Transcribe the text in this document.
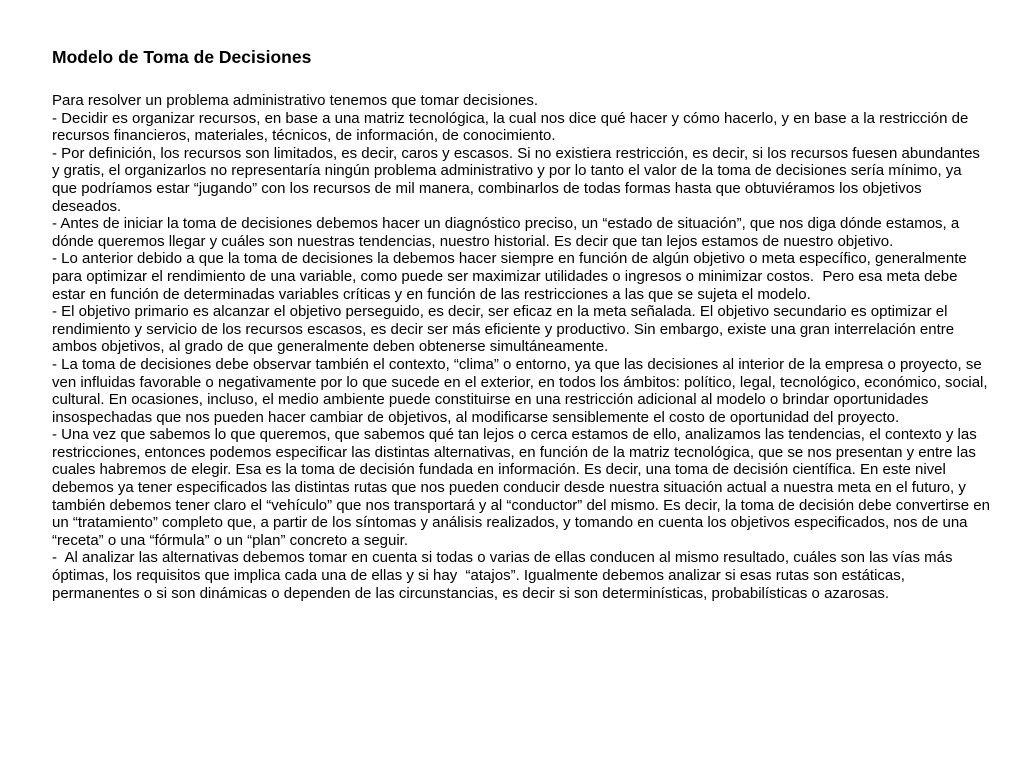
Modelo de Toma de Decisiones

Para resolver un problema administrativo tenemos que tomar decisiones.

- Decidir es organizar recursos, en base a una matriz tecnológica, la cual nos dice qué hacer y cómo hacerlo, y en base a la restricción de recursos financieros, materiales, técnicos, de información, de conocimiento.

- Por definición, los recursos son limitados, es decir, caros y escasos. Si no existiera restricción, es decir, si los recursos fuesen abundantes y gratis, el organizarlos no representaría ningún problema administrativo y por lo tanto el valor de la toma de decisiones sería mínimo, ya que podríamos estar “jugando” con los recursos de mil manera, combinarlos de todas formas hasta que obtuviéramos los objetivos deseados.

- Antes de iniciar la toma de decisiones debemos hacer un diagnóstico preciso, un “estado de situación”, que nos diga dónde estamos, a dónde queremos llegar y cuáles son nuestras tendencias, nuestro historial. Es decir que tan lejos estamos de nuestro objetivo.

- Lo anterior debido a que la toma de decisiones la debemos hacer siempre en función de algún objetivo o meta específico, generalmente para optimizar el rendimiento de una variable, como puede ser maximizar utilidades o ingresos o minimizar costos.  Pero esa meta debe estar en función de determinadas variables críticas y en función de las restricciones a las que se sujeta el modelo.

- El objetivo primario es alcanzar el objetivo perseguido, es decir, ser eficaz en la meta señalada. El objetivo secundario es optimizar el rendimiento y servicio de los recursos escasos, es decir ser más eficiente y productivo. Sin embargo, existe una gran interrelación entre ambos objetivos, al grado de que generalmente deben obtenerse simultáneamente.

- La toma de decisiones debe observar también el contexto, “clima” o entorno, ya que las decisiones al interior de la empresa o proyecto, se ven influidas favorable o negativamente por lo que sucede en el exterior, en todos los ámbitos: político, legal, tecnológico, económico, social, cultural. En ocasiones, incluso, el medio ambiente puede constituirse en una restricción adicional al modelo o brindar oportunidades insospechadas que nos pueden hacer cambiar de objetivos, al modificarse sensiblemente el costo de oportunidad del proyecto.

- Una vez que sabemos lo que queremos, que sabemos qué tan lejos o cerca estamos de ello, analizamos las tendencias, el contexto y las restricciones, entonces podemos especificar las distintas alternativas, en función de la matriz tecnológica, que se nos presentan y entre las cuales habremos de elegir. Esa es la toma de decisión fundada en información. Es decir, una toma de decisión científica. En este nivel debemos ya tener especificados las distintas rutas que nos pueden conducir desde nuestra situación actual a nuestra meta en el futuro, y también debemos tener claro el “vehículo” que nos transportará y al “conductor” del mismo. Es decir, la toma de decisión debe convertirse en un “tratamiento” completo que, a partir de los síntomas y análisis realizados, y tomando en cuenta los objetivos especificados, nos de una “receta” o una “fórmula” o un “plan” concreto a seguir.

-  Al analizar las alternativas debemos tomar en cuenta si todas o varias de ellas conducen al mismo resultado, cuáles son las vías más óptimas, los requisitos que implica cada una de ellas y si hay  “atajos”. Igualmente debemos analizar si esas rutas son estáticas, permanentes o si son dinámicas o dependen de las circunstancias, es decir si son determinísticas, probabilísticas o azarosas.
